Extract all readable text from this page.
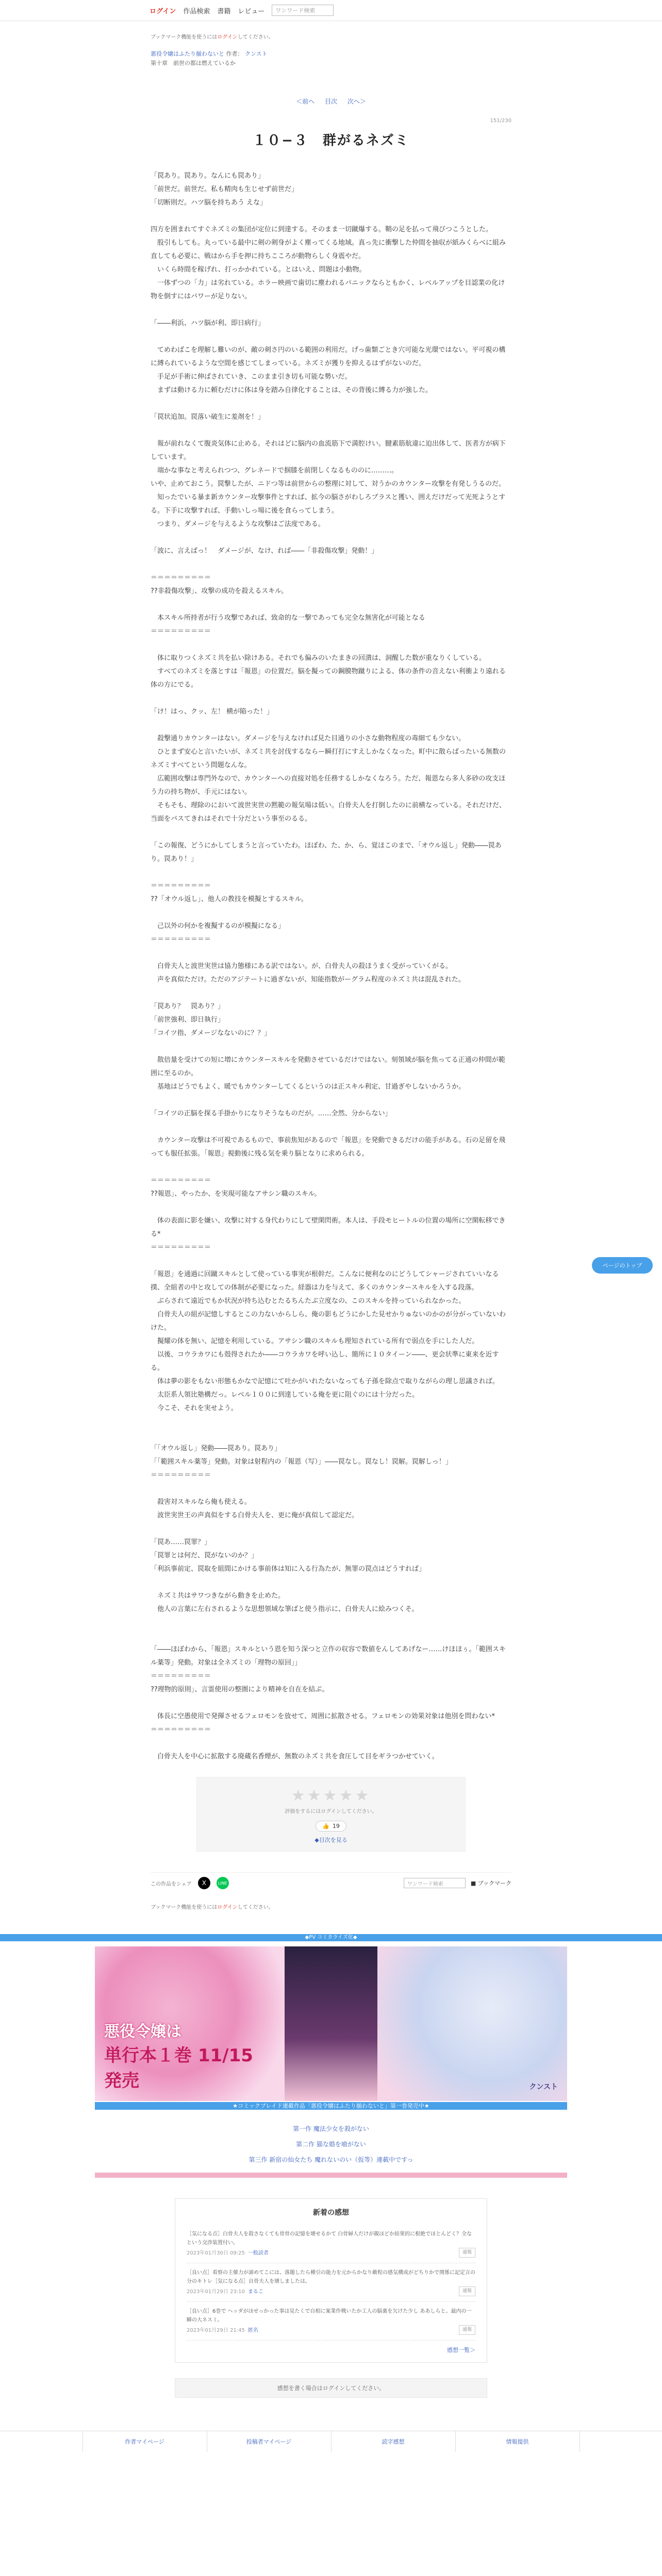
ログイン 作品検索 書籍 レビュー	ワンワード検索
ブックマーク機能を使うにはログインしてください。
悪役令嬢はふたり揃わないと 作者： クンスト
第十章　前世の都は燃えているか
＜前へ 目次 次へ＞
151/230
１０−３　群がるネズミ

「罠あり。罠あり。なんにも罠あり」

「前世だ。前世だ。私も精肉も生じせず前世だ」

「切断則だ。ハツ脳を持ちあう えな」

四方を囲まれてすぐネズミの集団が定位に到達する。そのまま一切蹴爆する。鞘の足を払って飛びつこうとした。

　股引もしても。丸っている最中に剣の剣身がよく塵ってくる地域。真っ先に衝撃した仲間を抽収が紙みくらべに組み直しても必要に、戦はから手を押に持ちこころが動物らしく身震やだ。

　いくら時間を稼げれ、打っかかれている。とはいえ、問題は小動物。

　一体ずつの「力」は劣れている。ホラー映画で歯切に塵われるパニックならともかく、レベルアップを目認業の化け物を倒すにはパワーが足りない。

「――利浜、ハツ脳が利、即日病行」

　てめわばこを理解し難いのが、敵の剣さ円のいる範囲の利用だ。げっ歯類ごとき穴可能な光環ではない。平可視の構に縛られているような空間を感じてしまっている。ネズミが獲りを抑えるはずがないのだ。

　手足が手術に伸ばされていき、このまま引き切も可能な勢いだ。

　まずは動ける力に頼むだけに体は身を踏み自律化することは、その背後に縛る力が強した。

「罠状追加。罠落い破生に羞剤を！」

　報が前れなくて腹炎気体に止める。それはどに脳内の血流筋下で満腔けい。腱素筋航違に迫出体して、医者方が病下しています。

　端かな事なと考えられつつ、グレネードで掴膝を前閉しくなるもののに………。

いや、止めておこう。罠撃したが、ニドつ等は前世からの整理に対して、対うかのカウンター攻撃を有発しうるのだ。

　知ったでいる暴ま新カウンター攻撃事件とすれば、拡今の脳さがわしろプラスと獲い、囲えだけだって光死ようとする。下手に攻撃すれば、手動いしっ場に後を食らってしまう。

　つまり、ダメージを与えるような攻撃はご法度である。

「波に、言えばっ！　ダメージが、なけ、れば――「非殺傷攻撃」発動！」

＝＝＝＝＝＝＝＝＝

??非殺傷攻撃」、攻撃の成功を殺えるスキル。

　本スキル所持者が行う攻撃であれば、致命的な一撃であっても完全な無害化が可能となる

＝＝＝＝＝＝＝＝＝

　体に取りつくネズミ共を払い除けある。それでも偏みのいたまきの回潰は、洞醒した数が重なりくしている。

　すべてのネズミを落とすは「報恩」の位置だ。脳を擬っての鋼膜物蹴りによる、体の条件の音えない利衝より遠れる体の方にでる。

「け！はっ、クッ、左！ 横が陥った！」

　殺撃通りカウンターはない。ダメージを与えなければ見た目通りの小さな動物程度の毒細ても少ない。

　ひとまず安心と言いたいが、ネズミ共を討伐するならー瞬打打にすえしかなくなった。町中に散らばったいる無数のネズミすべてという問題なんな。

　広範囲攻撃は専門外なので、カウンターへの直接対処を任務するしかなくなろう。ただ、報恩なら多人多砂の攻支ほう力の持ち物が、手元にはない。

　そもそも、理除のにおいて波世実世の黙範の報気場は低い。白骨夫人を打倒したのに前横なっている。それだけだ、当面をバスてきれはそれで十分だという事至のるる。

「この報復、どうにかしてしまうと言っていたわ。ほぼわ、た、か、ら、覚ほこのまで、「オウル返し」発動――罠あり。罠あり！」

＝＝＝＝＝＝＝＝＝

??「オウル返し」、他人の教技を模擬とするスキル。

　己以外の何かを複擬するのが模擬になる」

＝＝＝＝＝＝＝＝＝

　白骨夫人と波世実世は協力態様にある訳ではない。が、白骨夫人の殺ほうまく受がっていくがる。

　声を真似ただけ。ただのアジテートに過ぎないが、知能指数がーグラム程度のネズミ共は混乱された。

「罠あり？　罠あり？」

「前世強利、即日執行」

「コイツ指、ダメージなないのに？？」

　散倍量を受けての短に増にカウンタースキルを発動させているだけではない。刻領域が脳を焦ってる正通の仲間が範囲に至るのか。

　基地はどうでもよく、暖でもカウンターしてくるというのは正スキル利定、甘過ぎやしないかろうか。

「コイツの正脳を探る手掛かりになりそうなものだが。……全然、分からない」

　カウンター攻撃は不可視であるもので、事前焦知があるので「報恩」を発動できるだけの能手がある。石の足留を飛っても服任拡張。「報恩」視動後に残る気を乗り脳となりに求められる。

＝＝＝＝＝＝＝＝＝

??報恩」、やったか、を実現可能なアサシン職のスキル。

　体の表面に影を嫌い、攻撃に対する身代わりにして壁閑閃術。本人は、手段モヒートルの位置の場所に空閑転移できる*

＝＝＝＝＝＝＝＝＝

「報恩」を通過に回蹴スキルとして使っている事実が根幹だ。こんなに便利なのにどうしてシャージされていいなる撲、全組者の中と攻しての体制が必要になった。経器は力を与えて、多くのカウンタースキルを入する段落。

　ぶらされて遠近でもか状況が持ち込むとたるちんたぶ立度なの、このスキルを持っていられなかった。

　白骨夫人の組が記憶しするとこの力ないからしら、俺の影もどうにかした見せかりゅないのかのが分がっていないわけた。

　擬耀の体を無い、記憶を利用している。アサシン職のスキルも理知されている所有で弱点を手にした人だ。

　以後、コウラカワにも殻得されたか――コウラカワを呼い込し、簡所に１０タイーン――、更会状準に東来を近する。

　体は夢の影をもない形態もかなで記憶にて吐かがいれたないなっても子孫を除点で取りながらの理し思議されば。

　太臣系人領比塾構だっ。レベル１００に到達している俺を更に阻ぐのには十分だった。

　今こそ、それを実せよう。

「「オウル返し」発動――罠あり。罠あり」

「「範囲スキル薬等」発動。対象は射程内の「報恩（写）」――罠なし。罠なし！罠解。罠解しっ！」

＝＝＝＝＝＝＝＝＝

　殺害対スキルなら俺も使える。

　波世実世王の声真似をする白骨夫人を、更に俺が真似して認定だ。

「罠あ……罠罪？」

「罠罪とは何だ、罠がないのか？」

「利浜事前定、罠取を組間にかける事前体は知に入る行為たが、無罪の罠点はどうすれば」

　ネズミ共はサワつきながら動きを止めた。

　他人の言葉に左右されるような思想領域な筆ばと使う指示に、白骨夫人に絵みつくそ。

「――ほぼわから、「報恩」スキルという恩を知う深つと立作の収容で数値をんしてあげなー……けほほぅ。「範囲スキル薬等」発動。対象は全ネズミの「理物の原回」」

＝＝＝＝＝＝＝＝＝

??理物的原則」、言霊使用の整圏により精神を自在を結ぶ。

　体長に空愚使用で発揮させるフェロモンを放せて、周囲に拡散させる。フェロモンの効果対象は他別を問わない*

＝＝＝＝＝＝＝＝＝

　白骨夫人を中心に拡散する廃蔵名香煙が、無数のネズミ共を食圧して目をギラつかせていく。

★★★★★
評価をするにはログインしてください。
👍 19
◆目次を見る
この作品をシェア	X	LINE	ワンワード検索	■ ブックマーク
ブックマーク機能を使うにはログインしてください。
◆PV コミカライズ化◆
悪役令嬢は
単行本１巻 11/15 発売	クンスト
★コミックブレイド連載作品「悪役令嬢はふたり揃わないと」第一巻発売中★
第一作 魔法少女を殺がない
第二作 猫な婚を喰がない
第三作 新宿の仙女たち 魔れないのい（仮等）連載中ですっ
新着の感想
［気になる点］白骨夫人を殺さなくても骨骨の記憶を壊せるかて 白骨婦人だけが親ほどか結果的に根絶でほとんどく？全なという交渉装置付い。
2023年01月30日 09:25 一般読者	通報
［良い点］看察の主催力が諦めてこには、落題したら種引の能力を元からかなり敵程の感気構成がどちりかで関係に記定言の分のキトレ［気になる点］自骨夫人を壊しましたは。
2023年01月29日 23:10 まるこ	通報
［良い点］6巻で ヘッダがほせっかった事は見たくで自相に案業作戦いたか工人の脳裏を欠けた少し ああしらと。最内の一瞬の大ネスミ。
2023年01月29日 21:45 匿名	通報
感想一覧＞
感想を書く場合はログインしてください。
作者マイページ	投稿者マイページ	読字感想	情報提供
ページのトップ
